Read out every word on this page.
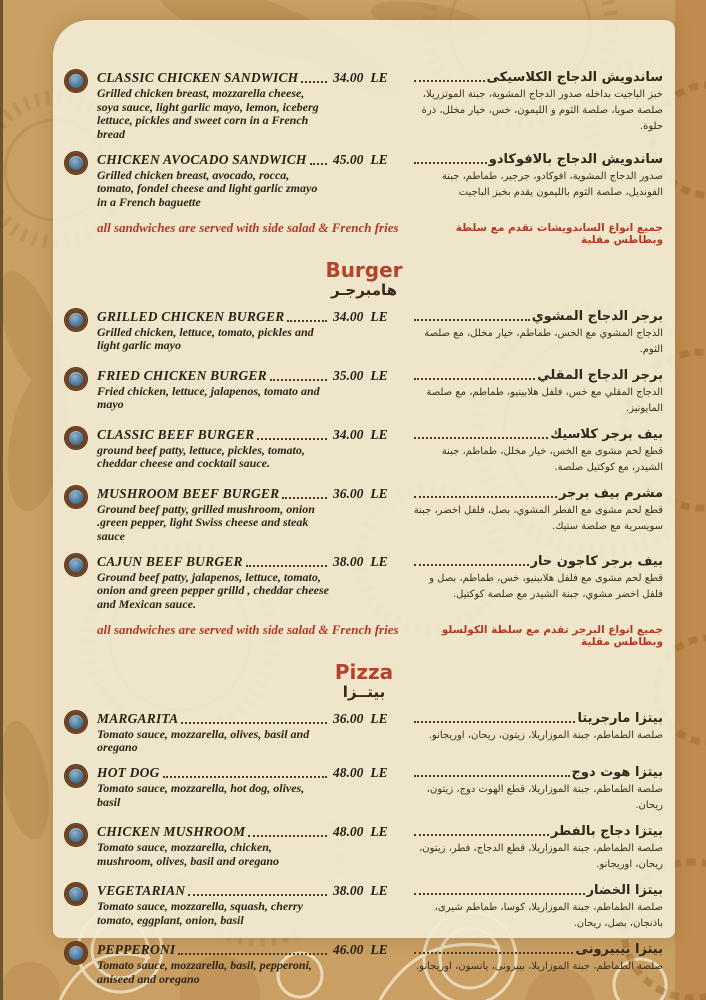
CLASSIC CHICKEN SANDWICH
Grilled chicken breast, mozzarella cheese, soya sauce, light garlic mayo, lemon, iceberg lettuce, pickles and sweet corn in a French bread
34.00 LE	ساندويش الدجاج الكلاسيكى
خبز الباجيت بداخله صدور الدجاج المشوية، جبنة الموتزريلا، صلصة صويا، صلصة الثوم و الليمون، خس، خيار مخلل، ذرة حلوة.
CHICKEN AVOCADO SANDWICH
Grilled chicken breast, avocado, rocca, tomato, fondel cheese and light garlic zmayo in a French baguette
45.00 LE	ساندويش الدجاج بالافوكادو
صدور الدجاج المشوية، افوكادو، جرجير، طماطم، جبنة الفونديل، صلصة الثوم بالليمون يقدم بخبز الباجيت
all sandwiches are served with side salad & French fries	جميع انواع الساندويشات تقدم مع سلطة وبطاطس مقلية
Burger
هامبرجـر
GRILLED CHICKEN BURGER
Grilled chicken, lettuce, tomato, pickles and light garlic mayo
34.00 LE	برجر الدجاج المشوي
الدجاج المشوي مع الخس، طماطم، خيار مخلل، مع صلصة الثوم.
FRIED CHICKEN BURGER
Fried chicken, lettuce, jalapenos, tomato and mayo
35.00 LE	برجر الدجاج المقلي
الدجاج المقلي مع خس، فلفل هلابينيو، طماطم، مع صلصة المايونيز.
CLASSIC BEEF BURGER
ground beef patty, lettuce, pickles, tomato, cheddar cheese and cocktail sauce.
34.00 LE	بيف برجر كلاسيك
قطع لحم مشوى مع الخس، خيار مخلل، طماطم، جبنة الشيدر، مع كوكتيل صلصة.
MUSHROOM BEEF BURGER
Ground beef patty, grilled mushroom, onion .green pepper, light Swiss cheese and steak sauce
36.00 LE	مشرم بيف برجر
قطع لحم مشوى مع الفطر المشوي، بصل، فلفل اخضر، جبنة سويسرية مع صلصة ستيك.
CAJUN BEEF BURGER
Ground beef patty, jalapenos, lettuce, tomato, onion and green pepper grilld , cheddar cheese and Mexican sauce.
38.00 LE	بيف برجر كاجون حار
قطع لحم مشوى مع فلفل هلابينيو، خس، طماطم، بصل و فلفل اخضر مشوي، جبنة الشيدر مع صلصة كوكتيل.
all sandwiches are served with side salad & French fries	جميع انواع البرجر تقدم مع سلطة الكولسلو وبطاطس مقلية
Pizza
بيتــزا
MARGARITA
Tomato sauce, mozzarella, olives, basil and oregano
36.00 LE	بيتزا مارجريتا
صلصة الطماطم، جبنة الموزاريلا، زيتون، ريحان، اوريجانو.
HOT DOG
Tomato sauce, mozzarella, hot dog, olives, basil
48.00 LE	بيتزا هوت دوج
صلصة الطماطم، جبنة الموزاريلا، قطع الهوت دوج، زيتون، ريحان.
CHICKEN MUSHROOM
Tomato sauce, mozzarella, chicken, mushroom, olives, basil and oregano
48.00 LE	بيتزا دجاج بالفطر
صلصة الطماطم، جبنة الموزاريلا، قطع الدجاج، فطر، زيتون، ريحان، اوريجانو.
VEGETARIAN
Tomato sauce, mozzarella, squash, cherry tomato, eggplant, onion, basil
38.00 LE	بيتزا الخضار
صلصة الطماطم، جبنة الموزاريلا، كوسا، طماطم شيرى، باذنجان، بصل، ريحان.
PEPPERONI
Tomato sauce, mozzarella, basil, pepperoni, aniseed and oregano
46.00 LE	بيتزا بيبيرونى
صلصة الطماطم، جبنة الموزاريلا، بيبرونى، يانسون، اوريجانو.
